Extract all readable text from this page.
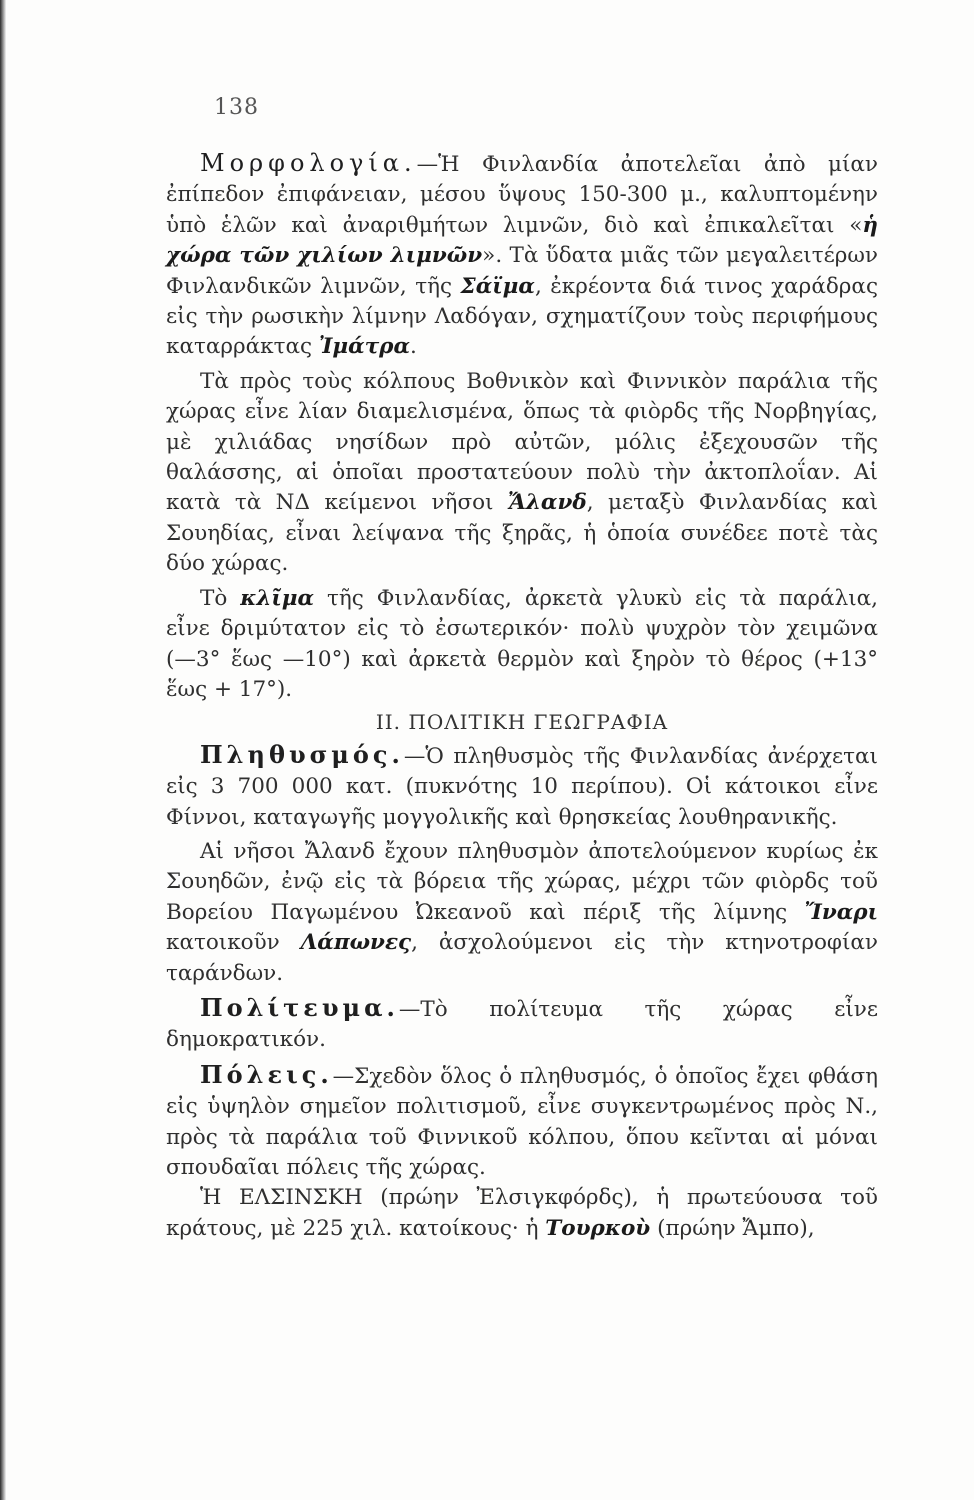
138

Μορφολογία.—Ἡ Φινλανδία ἀποτελεῖαι ἀπὸ μίαν ἐπίπεδον ἐπιφάνειαν, μέσου ὕψους 150-300 μ., καλυπτομένην ὑπὸ ἑλῶν καὶ ἀναριθμήτων λιμνῶν, διὸ καὶ ἐπικαλεῖται «ἡ χώρα τῶν χιλίων λιμνῶν». Τὰ ὕδατα μιᾶς τῶν μεγαλειτέρων Φινλανδικῶν λιμνῶν, τῆς Σάϊμα, ἐκρέοντα διά τινος χαράδρας εἰς τὴν ρωσικὴν λίμνην Λαδόγαν, σχηματίζουν τοὺς περιφήμους καταρράκτας Ἰμάτρα.

Τὰ πρὸς τοὺς κόλπους Βοθνικὸν καὶ Φιννικὸν παράλια τῆς χώρας εἶνε λίαν διαμελισμένα, ὅπως τὰ φιὸρδς τῆς Νορβηγίας, μὲ χιλιάδας νησίδων πρὸ αὐτῶν, μόλις ἐξεχουσῶν τῆς θαλάσσης, αἱ ὁποῖαι προστατεύουν πολὺ τὴν ἀκτοπλοΐαν. Αἱ κατὰ τὰ ΝΔ κείμενοι νῆσοι Ἄλανδ, μεταξὺ Φινλανδίας καὶ Σουηδίας, εἶναι λείψανα τῆς ξηρᾶς, ἡ ὁποία συνέδεε ποτὲ τὰς δύο χώρας.

Τὸ κλῖμα τῆς Φινλανδίας, ἀρκετὰ γλυκὺ εἰς τὰ παράλια, εἶνε δριμύτατον εἰς τὸ ἐσωτερικόν· πολὺ ψυχρὸν τὸν χειμῶνα (—3° ἕως —10°) καὶ ἀρκετὰ θερμὸν καὶ ξηρὸν τὸ θέρος (+13° ἕως + 17°).

II. ΠΟΛΙΤΙΚΗ ΓΕΩΓΡΑΦΙΑ

Πληθυσμός.—Ὁ πληθυσμὸς τῆς Φινλανδίας ἀνέρχεται εἰς 3 700 000 κατ. (πυκνότης 10 περίπου). Οἱ κάτοικοι εἶνε Φίννοι, καταγωγῆς μογγολικῆς καὶ θρησκείας λουθηρανικῆς.

Αἱ νῆσοι Ἄλανδ ἔχουν πληθυσμὸν ἀποτελούμενον κυρίως ἐκ Σουηδῶν, ἐνῷ εἰς τὰ βόρεια τῆς χώρας, μέχρι τῶν φιὸρδς τοῦ Βορείου Παγωμένου Ὠκεανοῦ καὶ πέριξ τῆς λίμνης Ἴναρι κατοικοῦν Λάπωνες, ἀσχολούμενοι εἰς τὴν κτηνοτροφίαν ταράνδων.

Πολίτευμα.—Τὸ πολίτευμα τῆς χώρας εἶνε δημοκρατικόν.

Πόλεις.—Σχεδὸν ὅλος ὁ πληθυσμός, ὁ ὁποῖος ἔχει φθάση εἰς ὑψηλὸν σημεῖον πολιτισμοῦ, εἶνε συγκεντρωμένος πρὸς Ν., πρὸς τὰ παράλια τοῦ Φιννικοῦ κόλπου, ὅπου κεῖνται αἱ μόναι σπουδαῖαι πόλεις τῆς χώρας.

Ἡ ΕΛΣΙΝΣΚΗ (πρώην Ἐλσιγκφόρδς), ἡ πρωτεύουσα τοῦ κράτους, μὲ 225 χιλ. κατοίκους· ἡ Τουρκοὺ (πρώην Ἄμπο),
